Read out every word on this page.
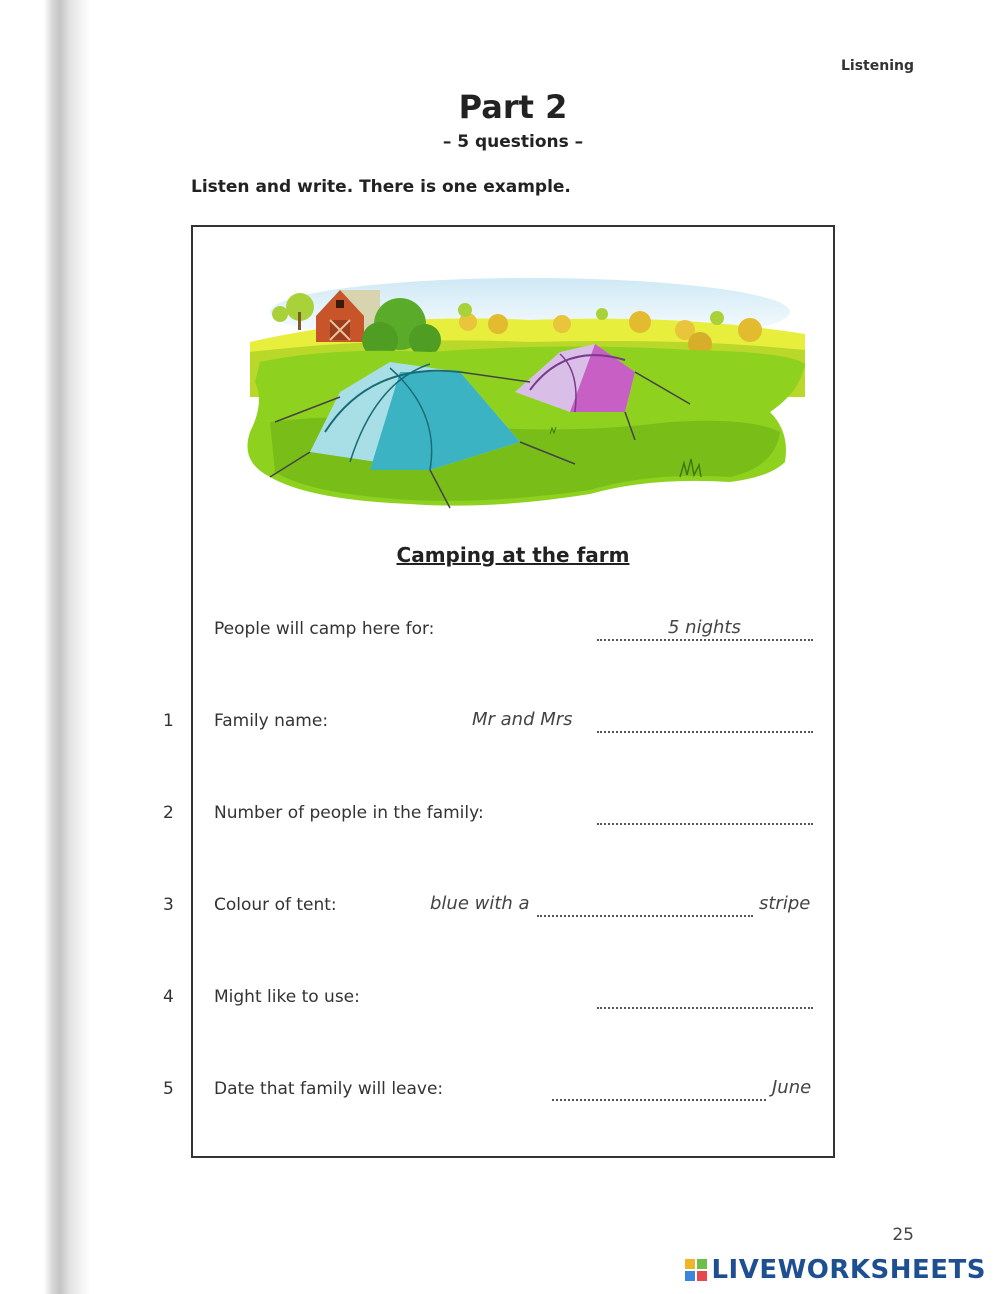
Listening
Part 2
– 5 questions –
Listen and write. There is one example.
Camping at the farm
People will camp here for:	5 nights
1 Family name:	Mr and Mrs
2 Number of people in the family:
3 Colour of tent:	blue with a	stripe
4 Might like to use:
5 Date that family will leave:	June
25
LIVEWORKSHEETS
